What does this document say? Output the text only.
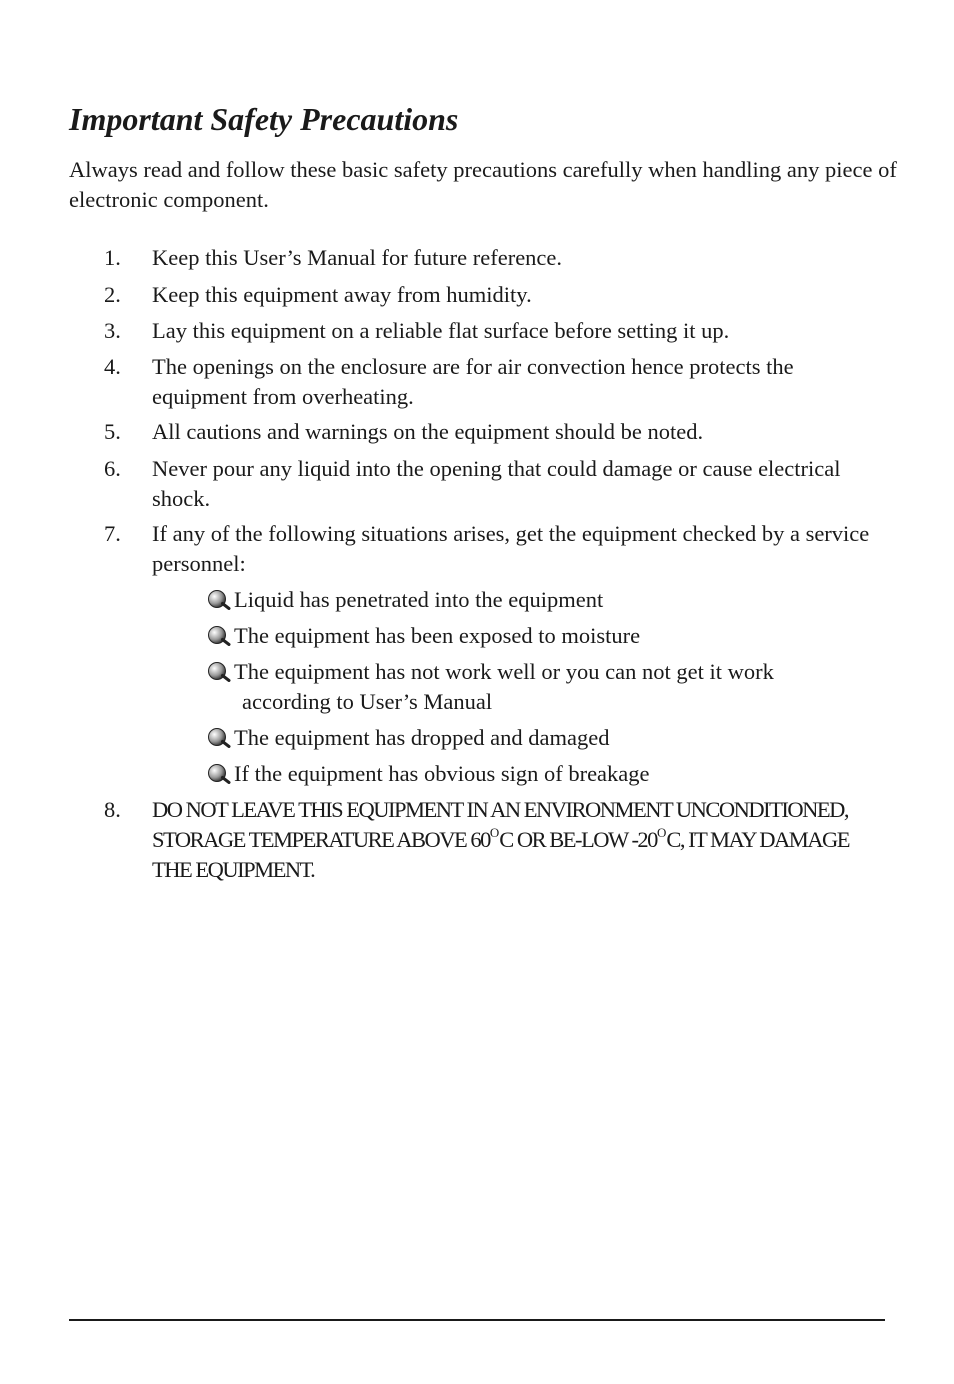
Important Safety Precautions

Always read and follow these basic safety precautions carefully when handling any piece of electronic component.

1. Keep this User’s Manual for future reference.

2. Keep this equipment away from humidity.

3. Lay this equipment on a reliable flat surface before setting it up.

4. The openings on the enclosure are for air convection hence protects the equipment from overheating.

5. All cautions and warnings on the equipment should be noted.

6. Never pour any liquid into the opening that could damage or cause electrical shock.

7. If any of the following situations arises, get the equipment checked by a service personnel:

Liquid has penetrated into the equipment

The equipment has been exposed to moisture

The equipment has not work well or you can not get it work
according to User’s Manual

The equipment has dropped and damaged

If the equipment has obvious sign of breakage

8. DO NOT LEAVE THIS EQUIPMENT IN AN ENVIRONMENT UNCONDITIONED, STORAGE TEMPERATURE ABOVE $60^OC$ OR BE-LOW $-20^OC$, IT MAY DAMAGE THE EQUIPMENT.
